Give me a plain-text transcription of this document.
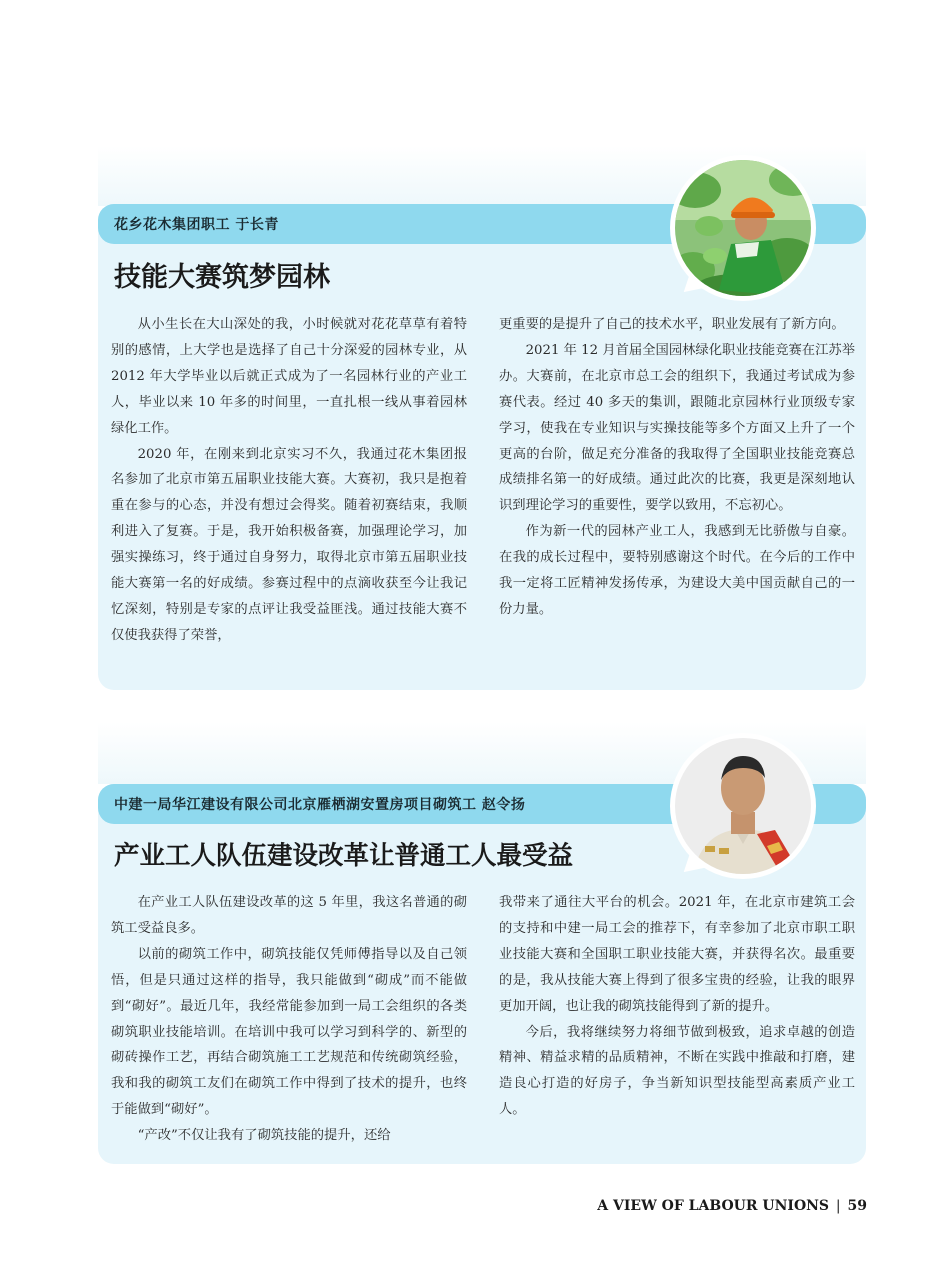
花乡花木集团职工 于长青
技能大赛筑梦园林

从小生长在大山深处的我，小时候就对花花草草有着特别的感情，上大学也是选择了自己十分深爱的园林专业，从 2012 年大学毕业以后就正式成为了一名园林行业的产业工人，毕业以来 10 年多的时间里，一直扎根一线从事着园林绿化工作。

2020 年，在刚来到北京实习不久，我通过花木集团报名参加了北京市第五届职业技能大赛。大赛初，我只是抱着重在参与的心态，并没有想过会得奖。随着初赛结束，我顺利进入了复赛。于是，我开始积极备赛，加强理论学习，加强实操练习，终于通过自身努力，取得北京市第五届职业技能大赛第一名的好成绩。参赛过程中的点滴收获至今让我记忆深刻，特别是专家的点评让我受益匪浅。通过技能大赛不仅使我获得了荣誉，

更重要的是提升了自己的技术水平，职业发展有了新方向。

2021 年 12 月首届全国园林绿化职业技能竞赛在江苏举办。大赛前，在北京市总工会的组织下，我通过考试成为参赛代表。经过 40 多天的集训，跟随北京园林行业顶级专家学习，使我在专业知识与实操技能等多个方面又上升了一个更高的台阶，做足充分准备的我取得了全国职业技能竞赛总成绩排名第一的好成绩。通过此次的比赛，我更是深刻地认识到理论学习的重要性，要学以致用，不忘初心。

作为新一代的园林产业工人，我感到无比骄傲与自豪。在我的成长过程中，要特别感谢这个时代。在今后的工作中我一定将工匠精神发扬传承，为建设大美中国贡献自己的一份力量。

中建一局华江建设有限公司北京雁栖湖安置房项目砌筑工 赵令扬
产业工人队伍建设改革让普通工人最受益

在产业工人队伍建设改革的这 5 年里，我这名普通的砌筑工受益良多。

以前的砌筑工作中，砌筑技能仅凭师傅指导以及自己领悟，但是只通过这样的指导，我只能做到“砌成”而不能做到“砌好”。最近几年，我经常能参加到一局工会组织的各类砌筑职业技能培训。在培训中我可以学习到科学的、新型的砌砖操作工艺，再结合砌筑施工工艺规范和传统砌筑经验，我和我的砌筑工友们在砌筑工作中得到了技术的提升，也终于能做到“砌好”。

“产改”不仅让我有了砌筑技能的提升，还给

我带来了通往大平台的机会。2021 年，在北京市建筑工会的支持和中建一局工会的推荐下，有幸参加了北京市职工职业技能大赛和全国职工职业技能大赛，并获得名次。最重要的是，我从技能大赛上得到了很多宝贵的经验，让我的眼界更加开阔，也让我的砌筑技能得到了新的提升。

今后，我将继续努力将细节做到极致，追求卓越的创造精神、精益求精的品质精神，不断在实践中推敲和打磨，建造良心打造的好房子，争当新知识型技能型高素质产业工人。

A VIEW OF LABOUR UNIONS | 59
